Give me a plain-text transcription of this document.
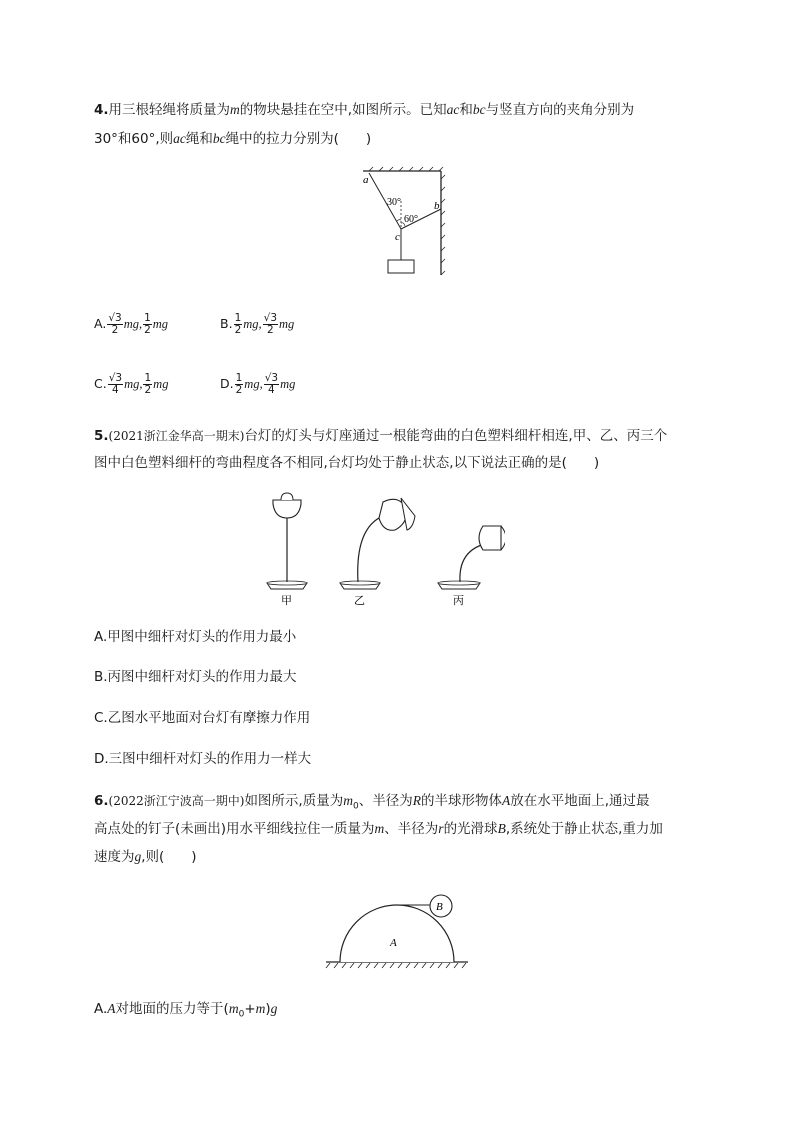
4.用三根轻绳将质量为m的物块悬挂在空中,如图所示。已知ac和bc与竖直方向的夹角分别为
30°和60°,则ac绳和bc绳中的拉力分别为(　　)
a
b
c
30°
60°
A. $\frac{√3}{2}$ mg, $\frac{1}{2}$ mg	B. $\frac{1}{2}$ mg, $\frac{√3}{2}$ mg
C. $\frac{√3}{4}$ mg, $\frac{1}{2}$ mg	D. $\frac{1}{2}$ mg, $\frac{√3}{4}$ mg
5.(2021浙江金华高一期末)台灯的灯头与灯座通过一根能弯曲的白色塑料细杆相连,甲、乙、丙三个
图中白色塑料细杆的弯曲程度各不相同,台灯均处于静止状态,以下说法正确的是(　　)
甲	乙	丙
A.甲图中细杆对灯头的作用力最小
B.丙图中细杆对灯头的作用力最大
C.乙图水平地面对台灯有摩擦力作用
D.三图中细杆对灯头的作用力一样大
6.(2022浙江宁波高一期中)如图所示,质量为$m_0$、半径为R的半球形物体A放在水平地面上,通过最
高点处的钉子(未画出)用水平细线拉住一质量为m、半径为r的光滑球B,系统处于静止状态,重力加
速度为g,则(　　)
B
A
A.A对地面的压力等于$(m_0+m)g$
